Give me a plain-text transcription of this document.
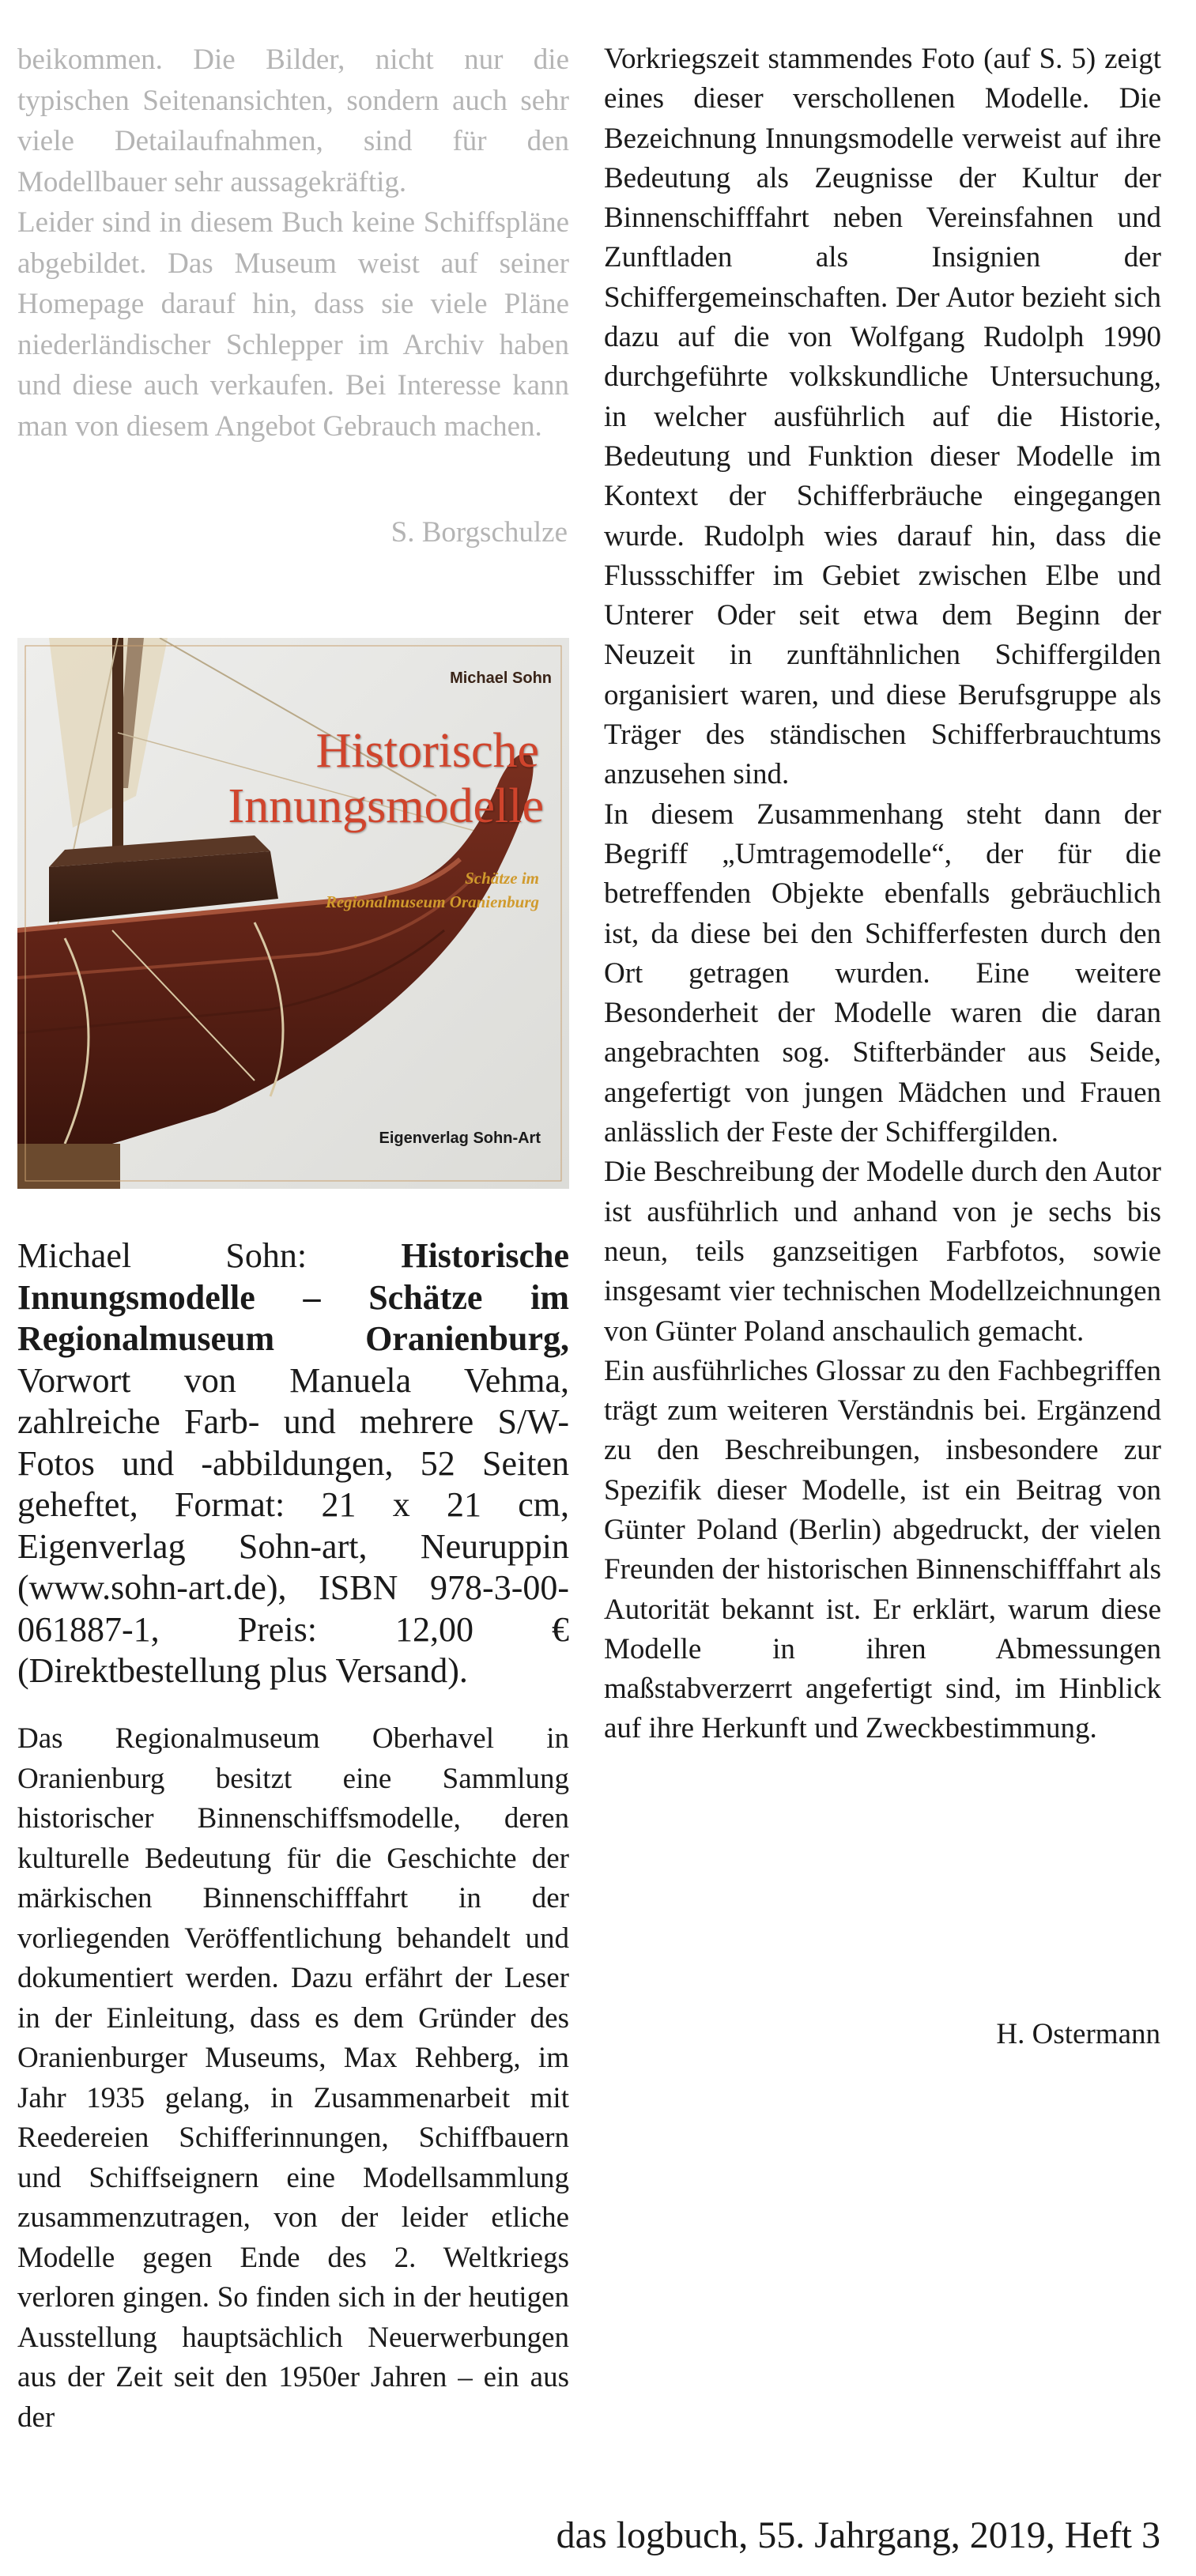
beikommen. Die Bilder, nicht nur die typischen Seitenansichten, sondern auch sehr viele Detailaufnahmen, sind für den Modellbauer sehr aussagekräftig.

Leider sind in diesem Buch keine Schiffspläne abgebildet. Das Museum weist auf seiner Homepage darauf hin, dass sie viele Pläne niederländischer Schlepper im Archiv haben und diese auch verkaufen. Bei Interesse kann man von diesem Angebot Gebrauch machen.

S. Borgschulze
Michael Sohn
Historische
Innungsmodelle
Schätze im
Regionalmuseum Oranienburg
Eigenverlag Sohn-Art

Michael Sohn:	Historische Innungsmodelle – Schätze im Regionalmuseum Oranienburg, Vorwort von Manuela Vehma, zahlreiche Farb- und mehrere S/W-Fotos und -abbildungen, 52 Seiten geheftet, Format: 21 x 21 cm, Eigenverlag Sohn-art, Neuruppin (www.sohn-art.de), ISBN 978-3-00-061887-1, Preis: 12,00 € (Direktbestellung plus Versand).

Das Regionalmuseum Oberhavel in Oranienburg besitzt eine Sammlung historischer Binnenschiffsmodelle, deren kulturelle Bedeutung für die Geschichte der märkischen Binnenschifffahrt in der vorliegenden Veröffentlichung behandelt und dokumentiert werden. Dazu erfährt der Leser in der Einleitung, dass es dem Gründer des Oranienburger Museums, Max Rehberg, im Jahr 1935 gelang, in Zusammenarbeit mit Reedereien Schifferinnungen, Schiffbauern und Schiffseignern eine Modellsammlung zusammenzutragen, von der leider etliche Modelle gegen Ende des 2. Weltkriegs verloren gingen. So finden sich in der heutigen Ausstellung hauptsächlich Neuerwerbungen aus der Zeit seit den 1950er Jahren – ein aus der

Vorkriegszeit stammendes Foto (auf S. 5) zeigt eines dieser verschollenen Modelle. Die Bezeichnung Innungsmodelle verweist auf ihre Bedeutung als Zeugnisse der Kultur der Binnenschifffahrt neben Vereinsfahnen und Zunftladen als Insignien der Schiffergemeinschaften. Der Autor bezieht sich dazu auf die von Wolfgang Rudolph 1990 durchgeführte volkskundliche Untersuchung, in welcher ausführlich auf die Historie, Bedeutung und Funktion dieser Modelle im Kontext der Schifferbräuche eingegangen wurde. Rudolph wies darauf hin, dass die Flussschiffer im Gebiet zwischen Elbe und Unterer Oder seit etwa dem Beginn der Neuzeit in zunftähnlichen Schiffergilden organisiert waren, und diese Berufsgruppe als Träger des ständischen Schifferbrauchtums anzusehen sind.

In diesem Zusammenhang steht dann der Begriff „Umtragemodelle“, der für die betreffenden Objekte ebenfalls gebräuchlich ist, da diese bei den Schifferfesten durch den Ort getragen wurden. Eine weitere Besonderheit der Modelle waren die daran angebrachten sog. Stifterbänder aus Seide, angefertigt von jungen Mädchen und Frauen anlässlich der Feste der Schiffergilden.

Die Beschreibung der Modelle durch den Autor ist ausführlich und anhand von je sechs bis neun, teils ganzseitigen Farbfotos, sowie insgesamt vier technischen Modellzeichnungen von Günter Poland anschaulich gemacht.

Ein ausführliches Glossar zu den Fachbegriffen trägt zum weiteren Verständnis bei. Ergänzend zu den Beschreibungen, insbesondere zur Spezifik dieser Modelle, ist ein Beitrag von Günter Poland (Berlin) abgedruckt, der vielen Freunden der historischen Binnenschifffahrt als Autorität bekannt ist. Er erklärt, warum diese Modelle in ihren Abmessungen maßstabverzerrt angefertigt sind, im Hinblick auf ihre Herkunft und Zweckbestimmung.

H. Ostermann
das logbuch, 55. Jahrgang, 2019, Heft 3
